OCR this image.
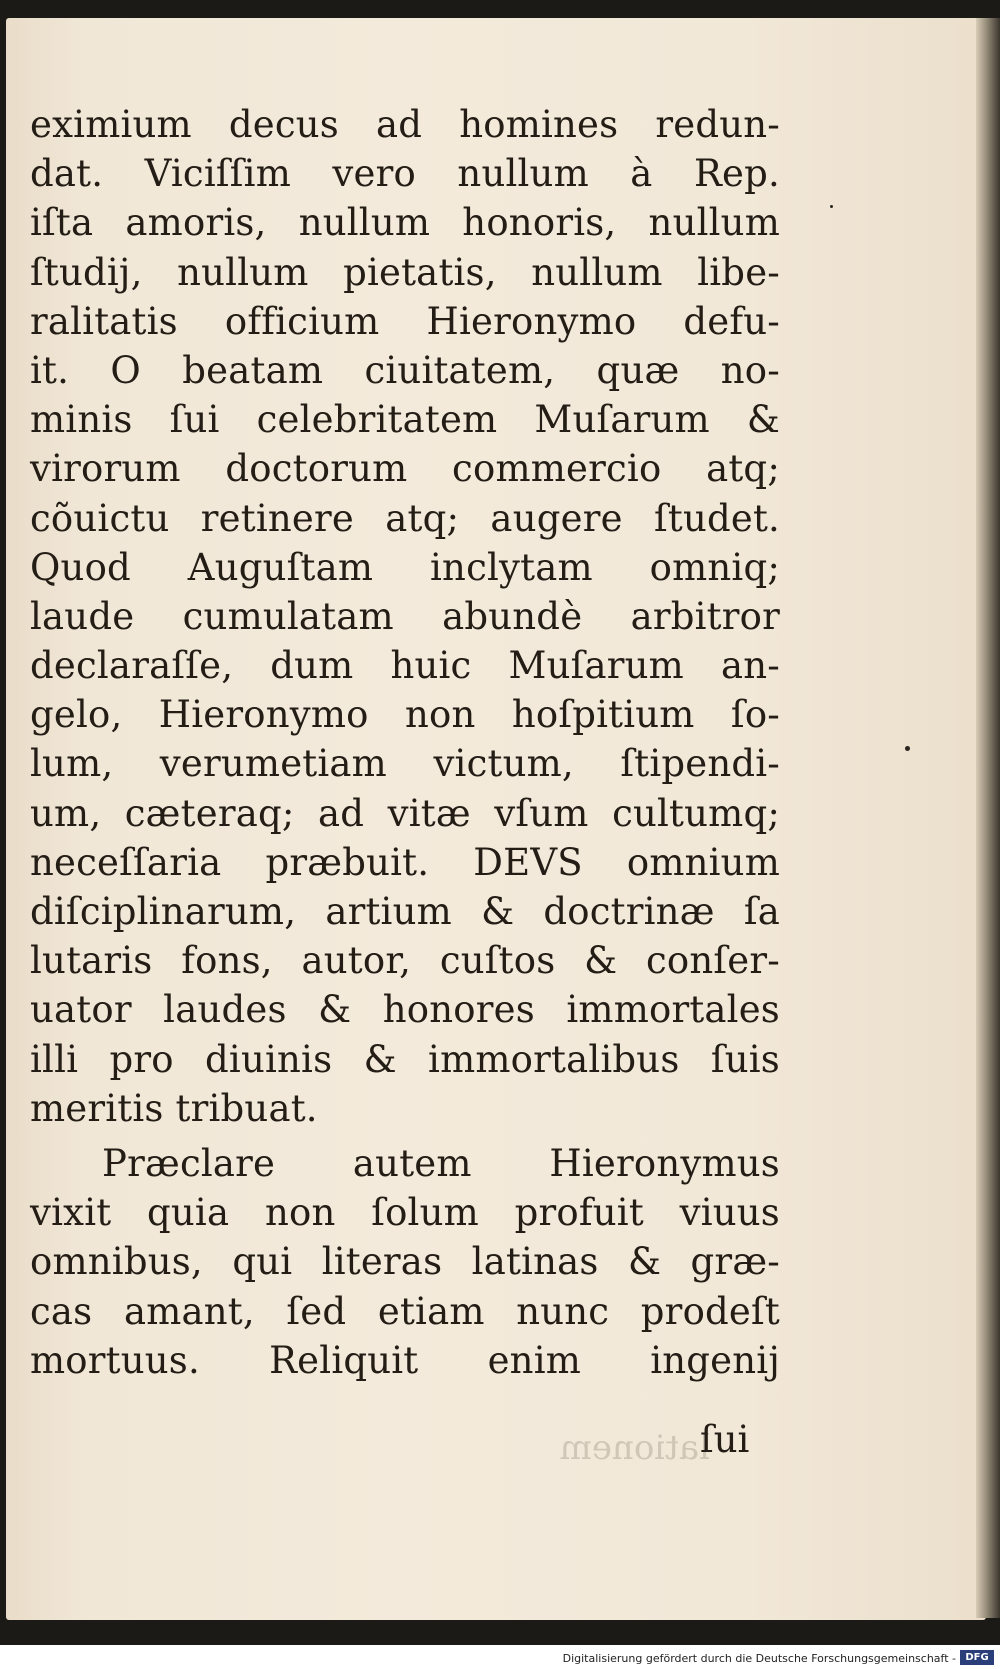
eximium decus ad homines redun-
dat. Viciſſim vero nullum à Rep.
iſta amoris, nullum honoris, nullum
ſtudij, nullum pietatis, nullum libe-
ralitatis officium Hieronymo defu-
it. O beatam ciuitatem, quæ no-
minis ſui celebritatem Muſarum &
virorum doctorum commercio atq;
cõuictu retinere atq; augere ſtudet.
Quod Auguſtam inclytam omniq;
laude cumulatam abundè arbitror
declaraſſe, dum huic Muſarum an-
gelo, Hieronymo non hoſpitium ſo-
lum, verumetiam victum, ſtipendi-
um, cæteraq; ad vitæ vſum cultumq;
neceſſaria præbuit. DEVS omnium
diſciplinarum, artium & doctrinæ ſa
lutaris fons, autor, cuſtos & conſer-
uator laudes & honores immortales
illi pro diuinis & immortalibus ſuis
meritis tribuat.
Præclare autem Hieronymus
vixit quia non ſolum profuit viuus
omnibus, qui literas latinas & græ-
cas amant, ſed etiam nunc prodeſt
mortuus. Reliquit enim ingenij
lationem
ſui
Digitalisierung gefördert durch die Deutsche Forschungsgemeinschaft - DFG
